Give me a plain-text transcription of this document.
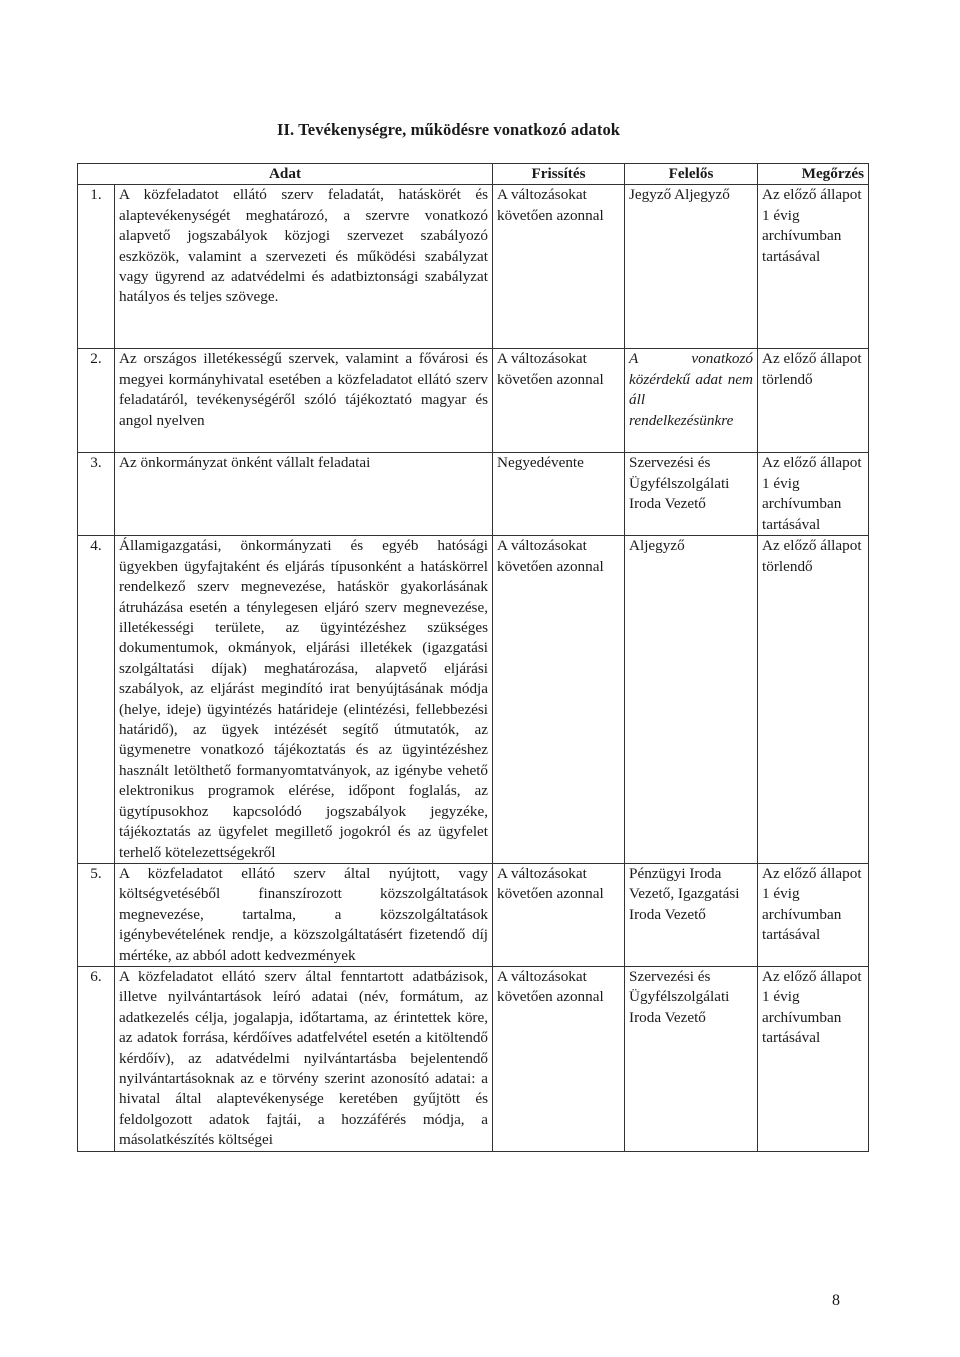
II. Tevékenységre, működésre vonatkozó adatok
Adat		Frissítés	Felelős	Megőrzés
1.	A közfeladatot ellátó szerv feladatát, hatáskörét és alaptevékenységét meghatározó, a szervre vonatkozó alapvető jogszabályok közjogi szervezet szabályozó eszközök, valamint a szervezeti és működési szabályzat vagy ügyrend az adatvédelmi és adatbiztonsági szabályzat hatályos és teljes szövege.	A változásokat követően azonnal	Jegyző Aljegyző	Az előző állapot 1 évig archívumban tartásával
2.	Az országos illetékességű szervek, valamint a fővárosi és megyei kormányhivatal esetében a közfeladatot ellátó szerv feladatáról, tevékenységéről szóló tájékoztató magyar és angol nyelven	A változásokat követően azonnal	A vonatkozó közérdekű adat nem áll rendelkezésünkre	Az előző állapot törlendő
3.	Az önkormányzat önként vállalt feladatai	Negyedévente	Szervezési és Ügyfélszolgálati Iroda Vezető	Az előző állapot 1 évig archívumban tartásával
4.	Államigazgatási, önkormányzati és egyéb hatósági ügyekben ügyfajtaként és eljárás típusonként a hatáskörrel rendelkező szerv megnevezése, hatáskör gyakorlásának átruházása esetén a ténylegesen eljáró szerv megnevezése, illetékességi területe, az ügyintézéshez szükséges dokumentumok, okmányok, eljárási illetékek (igazgatási szolgáltatási díjak) meghatározása, alapvető eljárási szabályok, az eljárást megindító irat benyújtásának módja (helye, ideje) ügyintézés határideje (elintézési, fellebbezési határidő), az ügyek intézését segítő útmutatók, az ügymenetre vonatkozó tájékoztatás és az ügyintézéshez használt letölthető formanyomtatványok, az igénybe vehető elektronikus programok elérése, időpont foglalás, az ügytípusokhoz kapcsolódó jogszabályok jegyzéke, tájékoztatás az ügyfelet megillető jogokról és az ügyfelet terhelő kötelezettségekről	A változásokat követően azonnal	Aljegyző	Az előző állapot törlendő
5.	A közfeladatot ellátó szerv által nyújtott, vagy költségvetéséből finanszírozott közszolgáltatások megnevezése, tartalma, a közszolgáltatások igénybevételének rendje, a közszolgáltatásért fizetendő díj mértéke, az abból adott kedvezmények	A változásokat követően azonnal	Pénzügyi Iroda Vezető, Igazgatási Iroda Vezető	Az előző állapot 1 évig archívumban tartásával
6.	A közfeladatot ellátó szerv által fenntartott adatbázisok, illetve nyilvántartások leíró adatai (név, formátum, az adatkezelés célja, jogalapja, időtartama, az érintettek köre, az adatok forrása, kérdőíves adatfelvétel esetén a kitöltendő kérdőív), az adatvédelmi nyilvántartásba bejelentendő nyilvántartásoknak az e törvény szerint azonosító adatai: a hivatal által alaptevékenysége keretében gyűjtött és feldolgozott adatok fajtái, a hozzáférés módja, a másolatkészítés költségei	A változásokat követően azonnal	Szervezési és Ügyfélszolgálati Iroda Vezető	Az előző állapot 1 évig archívumban tartásával
8
